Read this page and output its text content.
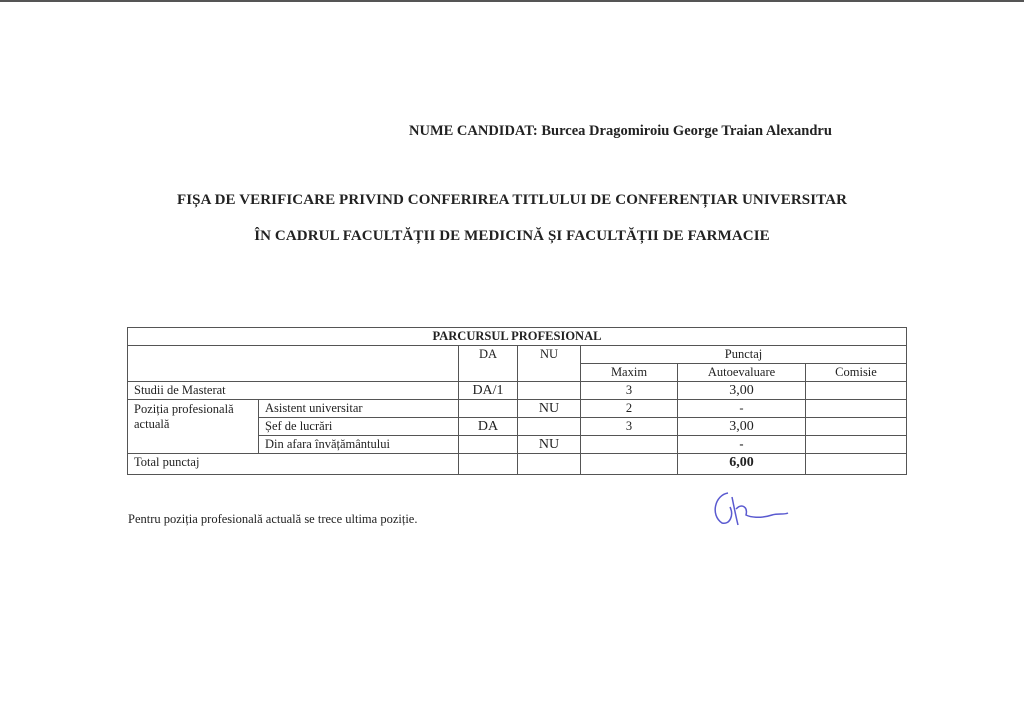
NUME CANDIDAT: Burcea Dragomiroiu George Traian Alexandru
FIȘA DE VERIFICARE PRIVIND CONFERIREA TITLULUI DE CONFERENȚIAR UNIVERSITAR
ÎN CADRUL FACULTĂȚII DE MEDICINĂ ȘI FACULTĂȚII DE FARMACIE
PARCURSUL PROFESIONAL						
		DA	NU	Punctaj		
				Maxim	Autoevaluare	Comisie
Studii de Masterat		DA/1		3	3,00	
Poziția profesională actuală	Asistent universitar		NU	2	-	
	Șef de lucrări	DA		3	3,00	
	Din afara învățământului		NU		-	
Total punctaj					6,00	
Pentru poziția profesională actuală se trece ultima poziție.
